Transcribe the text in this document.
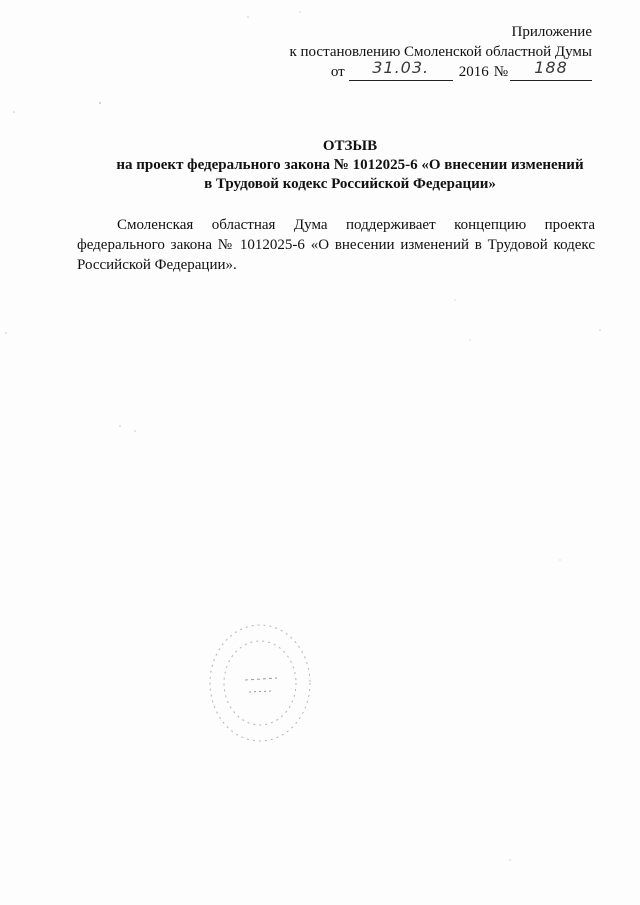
Приложение
к постановлению Смоленской областной Думы
от	31.03.	2016 №	188
ОТЗЫВ
на проект федерального закона № 1012025-6 «О внесении изменений
в Трудовой кодекс Российской Федерации»
Смоленская областная Дума поддерживает концепцию проекта
федерального закона № 1012025-6 «О внесении изменений в Трудовой кодекс
Российской Федерации».
